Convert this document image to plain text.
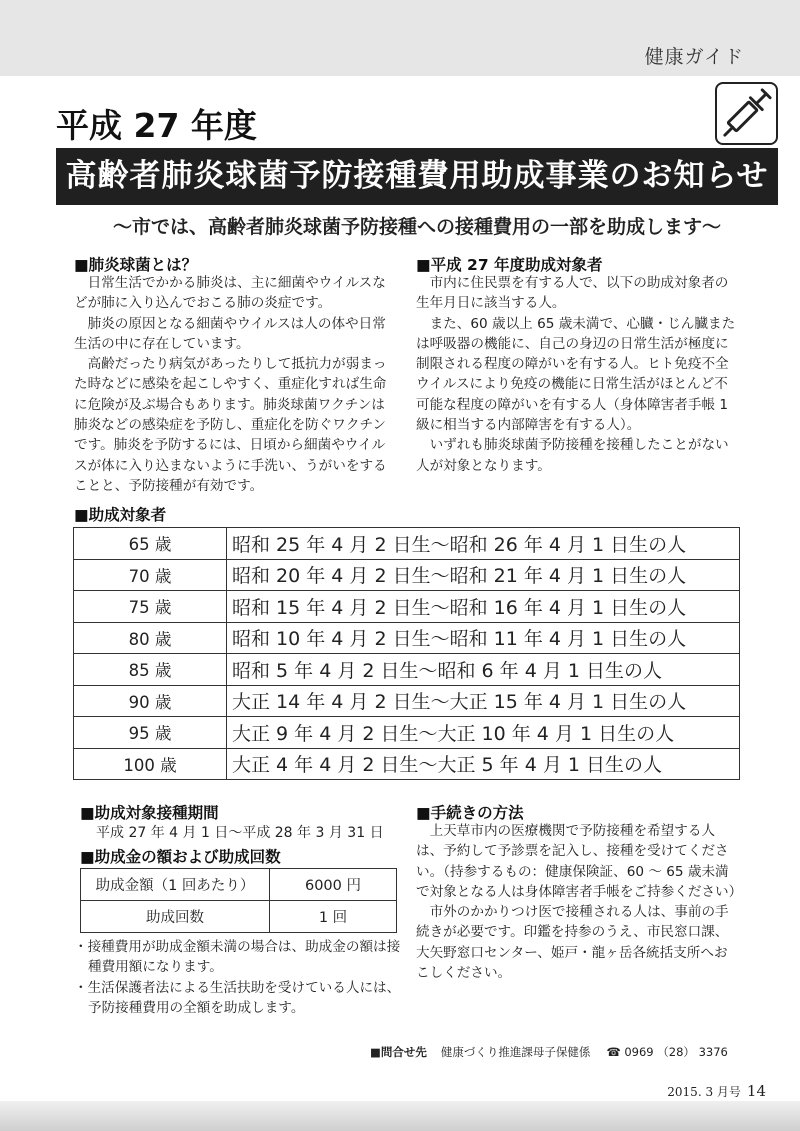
健康ガイド
平成 27 年度
高齢者肺炎球菌予防接種費用助成事業のお知らせ
〜市では、高齢者肺炎球菌予防接種への接種費用の一部を助成します〜
■肺炎球菌とは？

日常生活でかかる肺炎は、主に細菌やウイルスなどが肺に入り込んでおこる肺の炎症です。

肺炎の原因となる細菌やウイルスは人の体や日常生活の中に存在しています。

高齢だったり病気があったりして抵抗力が弱まった時などに感染を起こしやすく、重症化すれば生命に危険が及ぶ場合もあります。肺炎球菌ワクチンは肺炎などの感染症を予防し、重症化を防ぐワクチンです。肺炎を予防するには、日頃から細菌やウイルスが体に入り込まないように手洗い、うがいをすることと、予防接種が有効です。

■平成 27 年度助成対象者

市内に住民票を有する人で、以下の助成対象者の生年月日に該当する人。

また、60 歳以上 65 歳未満で、心臓・じん臓または呼吸器の機能に、自己の身辺の日常生活が極度に制限される程度の障がいを有する人。ヒト免疫不全ウイルスにより免疫の機能に日常生活がほとんど不可能な程度の障がいを有する人（身体障害者手帳 1 級に相当する内部障害を有する人）。

いずれも肺炎球菌予防接種を接種したことがない人が対象となります。

■助成対象者
65 歳	昭和 25 年 4 月 2 日生〜昭和 26 年 4 月 1 日生の人
70 歳	昭和 20 年 4 月 2 日生〜昭和 21 年 4 月 1 日生の人
75 歳	昭和 15 年 4 月 2 日生〜昭和 16 年 4 月 1 日生の人
80 歳	昭和 10 年 4 月 2 日生〜昭和 11 年 4 月 1 日生の人
85 歳	昭和 5 年 4 月 2 日生〜昭和 6 年 4 月 1 日生の人
90 歳	大正 14 年 4 月 2 日生〜大正 15 年 4 月 1 日生の人
95 歳	大正 9 年 4 月 2 日生〜大正 10 年 4 月 1 日生の人
100 歳	大正 4 年 4 月 2 日生〜大正 5 年 4 月 1 日生の人
■助成対象接種期間
平成 27 年 4 月 1 日〜平成 28 年 3 月 31 日
■助成金の額および助成回数
助成金額（1 回あたり）	6000 円
助成回数	1 回
・接種費用が助成金額未満の場合は、助成金の額は接種費用額になります。
・生活保護者法による生活扶助を受けている人には、予防接種費用の全額を助成します。
■手続きの方法

上天草市内の医療機関で予防接種を希望する人は、予約して予診票を記入し、接種を受けてください。（持参するもの：健康保険証、60 〜 65 歳未満で対象となる人は身体障害者手帳をご持参ください）

市外のかかりつけ医で接種される人は、事前の手続きが必要です。印鑑を持参のうえ、市民窓口課、大矢野窓口センター、姫戸・龍ヶ岳各統括支所へおこしください。

■問合せ先 健康づくり推進課母子保健係 ☎ 0969 （28） 3376
2015. 3 月号 14
